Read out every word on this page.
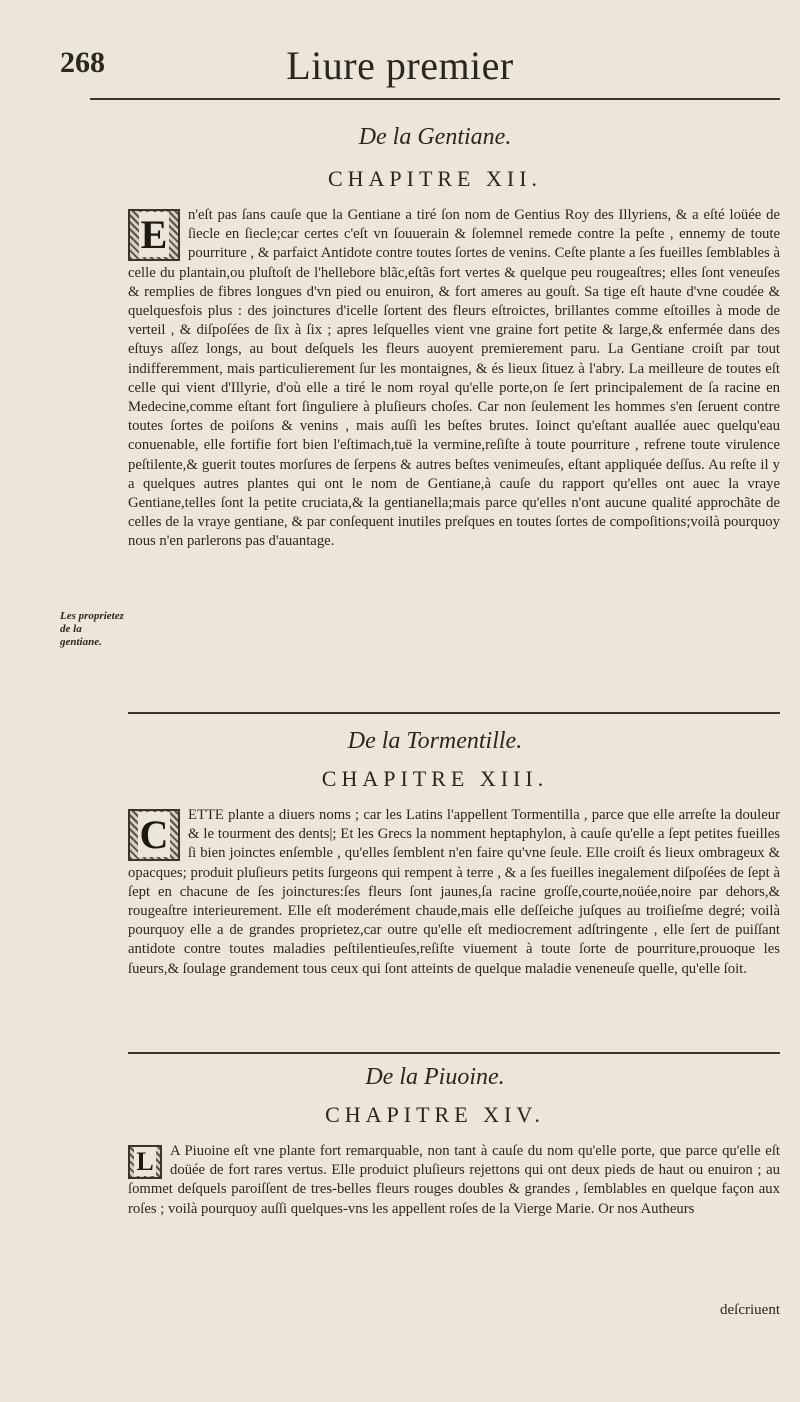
268	Liure premier
De la Gentiane.
CHAPITRE XII.
E	n'eſt pas ſans cauſe que la Gentiane a tiré ſon nom de Gentius Roy des Illyriens, & a eſté loüée de ſiecle en ſiecle;car certes c'eſt vn ſouuerain & ſolemnel remede contre la peſte , ennemy de toute pourriture , & parfaict Antidote contre toutes ſortes de venins. Ceſte plante a ſes fueilles ſemblables à celle du plantain,ou pluſtoſt de l'hellebore blãc,eſtãs fort vertes & quelque peu rougeaſtres; elles ſont veneuſes & remplies de fibres longues d'vn pied ou enuiron, & fort ameres au gouſt. Sa tige eſt haute d'vne coudée & quelquesfois plus : des joinctures d'icelle ſortent des fleurs eſtroictes, brillantes comme eſtoilles à mode de verteil , & diſpoſées de ſix à ſix ; apres leſquelles vient vne graine fort petite & large,& enfermée dans des eſtuys aſſez longs, au bout deſquels les fleurs auoyent premierement paru. La Gentiane croiſt par tout indifferemment, mais particulierement ſur les montaignes, & és lieux ſituez à l'abry. La meilleure de toutes eſt celle qui vient d'Illyrie, d'où elle a tiré le nom royal qu'elle porte,on ſe ſert principalement de ſa racine en Medecine,comme eſtant fort ſinguliere à pluſieurs choſes. Car non ſeulement les hommes s'en ſeruent contre toutes ſortes de poiſons & venins , mais auſſi les beſtes brutes. Ioinct qu'eſtant auallée auec quelqu'eau conuenable, elle fortifie fort bien l'eſtimach,tuë la vermine,reſiſte à toute pourriture , refrene toute virulence peſtilente,& guerit toutes morſures de ſerpens & autres beſtes venimeuſes, eſtant appliquée deſſus. Au reſte il y a quelques autres plantes qui ont le nom de Gentiane,à cauſe du rapport qu'elles ont auec la vraye Gentiane,telles ſont la petite cruciata,& la gentianella;mais parce qu'elles n'ont aucune qualité approchãte de celles de la vraye gentiane, & par conſequent inutiles preſques en toutes ſortes de compoſitions;voilà pourquoy nous n'en parlerons pas d'auantage.
Les proprietez de la gentiane.
De la Tormentille.
CHAPITRE XIII.
C	ETTE plante a diuers noms ; car les Latins l'appellent Tormentilla , parce que elle arreſte la douleur & le tourment des dents|; Et les Grecs la nomment heptaphylon, à cauſe qu'elle a ſept petites fueilles ſi bien joinctes enſemble , qu'elles ſemblent n'en faire qu'vne ſeule. Elle croiſt és lieux ombrageux & opacques; produit pluſieurs petits ſurgeons qui rempent à terre , & a ſes fueilles inegalement diſpoſées de ſept à ſept en chacune de ſes joinctures:ſes fleurs ſont jaunes,ſa racine groſſe,courte,noüée,noire par dehors,& rougeaſtre interieurement. Elle eſt moderément chaude,mais elle deſſeiche juſques au troiſieſme degré; voilà pourquoy elle a de grandes proprietez,car outre qu'elle eſt mediocrement adſtringente , elle ſert de puiſſant antidote contre toutes maladies peſtilentieuſes,reſiſte viuement à toute ſorte de pourriture,prouoque les ſueurs,& ſoulage grandement tous ceux qui ſont atteints de quelque maladie veneneuſe quelle, qu'elle ſoit.
De la Piuoine.
CHAPITRE XIV.
L	A Piuoine eſt vne plante fort remarquable, non tant à cauſe du nom qu'elle porte, que parce qu'elle eſt doüée de fort rares vertus. Elle produict pluſieurs rejettons qui ont deux pieds de haut ou enuiron ; au ſommet deſquels paroiſſent de tres-belles fleurs rouges doubles & grandes , ſemblables en quelque façon aux roſes ; voilà pourquoy auſſi quelques-vns les appellent roſes de la Vierge Marie. Or nos Autheurs
deſcriuent
